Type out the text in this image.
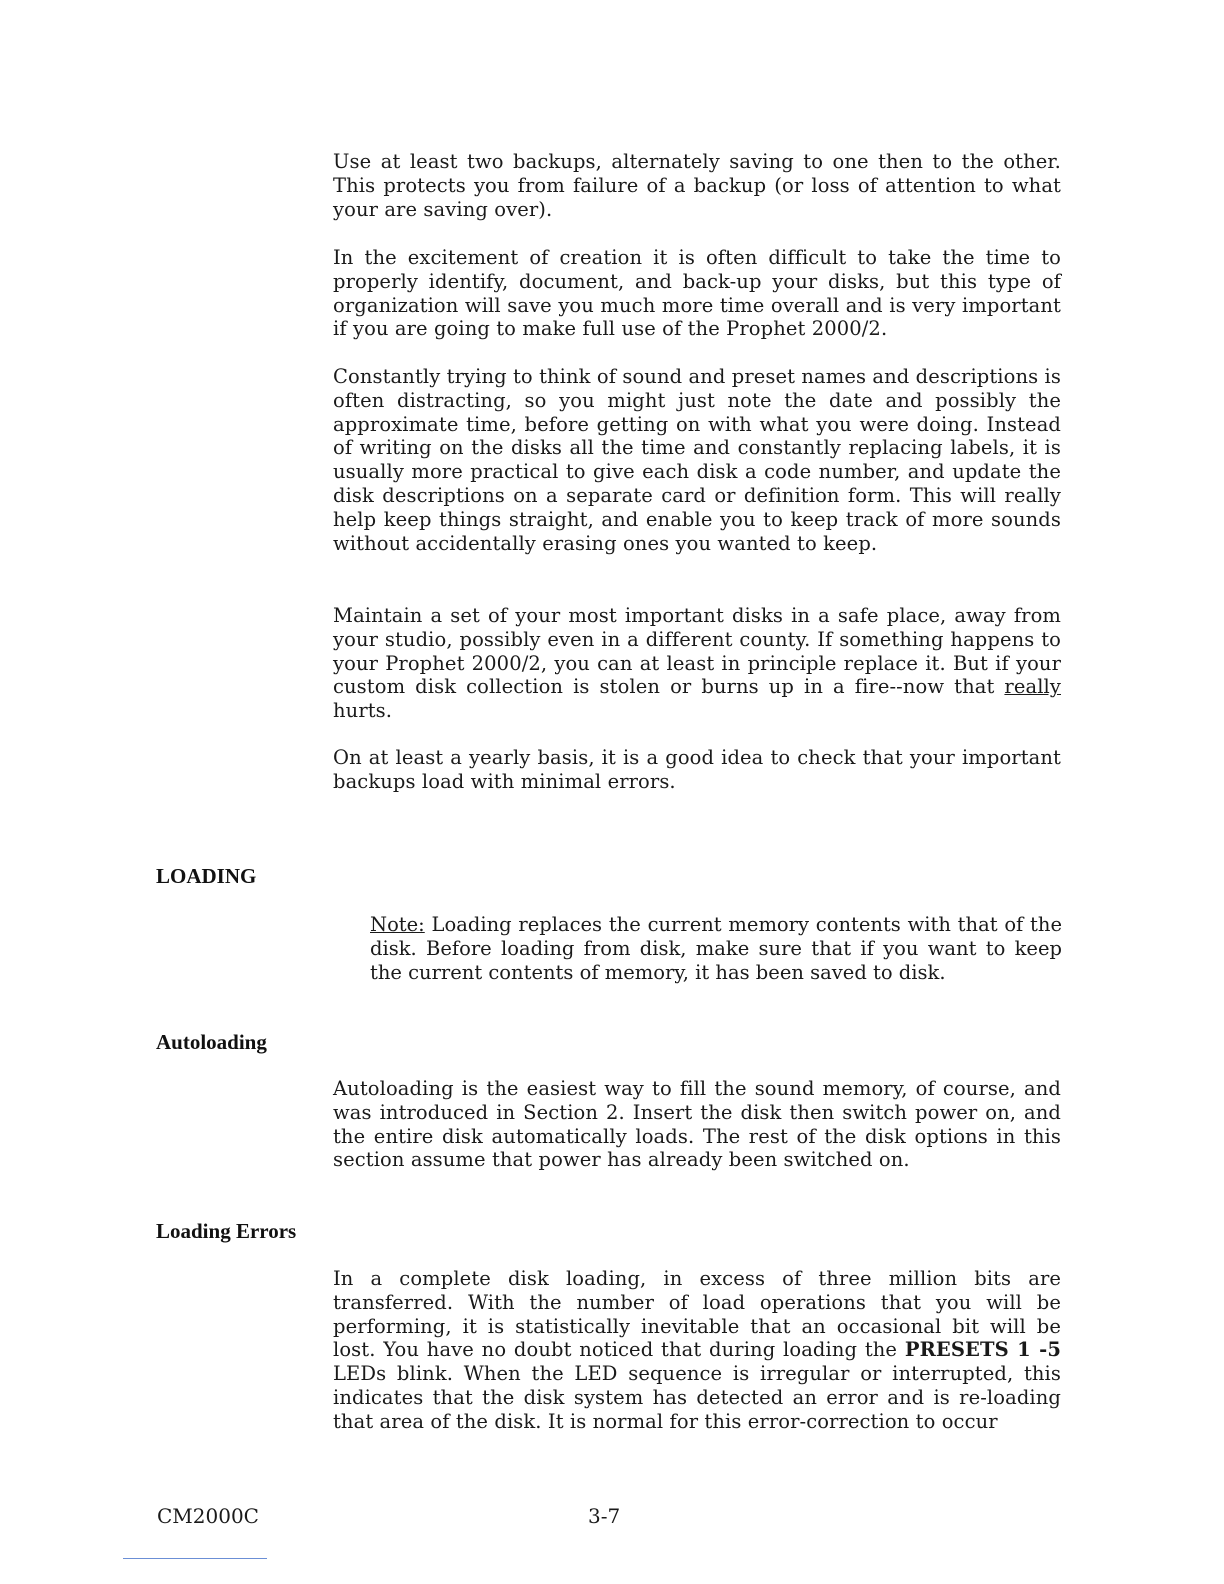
Use at least two backups, alternately saving to one then to the other. This protects you from failure of a backup (or loss of attention to what your are saving over).

In the excitement of creation it is often difficult to take the time to properly identify, document, and back-up your disks, but this type of organization will save you much more time overall and is very important if you are going to make full use of the Prophet 2000/2.

Constantly trying to think of sound and preset names and descriptions is often distracting, so you might just note the date and possibly the approximate time, before getting on with what you were doing. Instead of writing on the disks all the time and constantly replacing labels, it is usually more practical to give each disk a code number, and update the disk descriptions on a separate card or definition form. This will really help keep things straight, and enable you to keep track of more sounds without accidentally erasing ones you wanted to keep.

Maintain a set of your most important disks in a safe place, away from your studio, possibly even in a different county. If something happens to your Prophet 2000/2, you can at least in principle replace it. But if your custom disk collection is stolen or burns up in a fire--now that really hurts.

On at least a yearly basis, it is a good idea to check that your important backups load with minimal errors.

LOADING

Note: Loading replaces the current memory contents with that of the disk. Before loading from disk, make sure that if you want to keep the current contents of memory, it has been saved to disk.

Autoloading

Autoloading is the easiest way to fill the sound memory, of course, and was introduced in Section 2. Insert the disk then switch power on, and the entire disk automatically loads. The rest of the disk options in this section assume that power has already been switched on.

Loading Errors

In a complete disk loading, in excess of three million bits are transferred. With the number of load operations that you will be performing, it is statistically inevitable that an occasional bit will be lost. You have no doubt noticed that during loading the PRESETS 1 -5 LEDs blink. When the LED sequence is irregular or interrupted, this indicates that the disk system has detected an error and is re-loading that area of the disk. It is normal for this error-correction to occur

CM2000C	3-7
